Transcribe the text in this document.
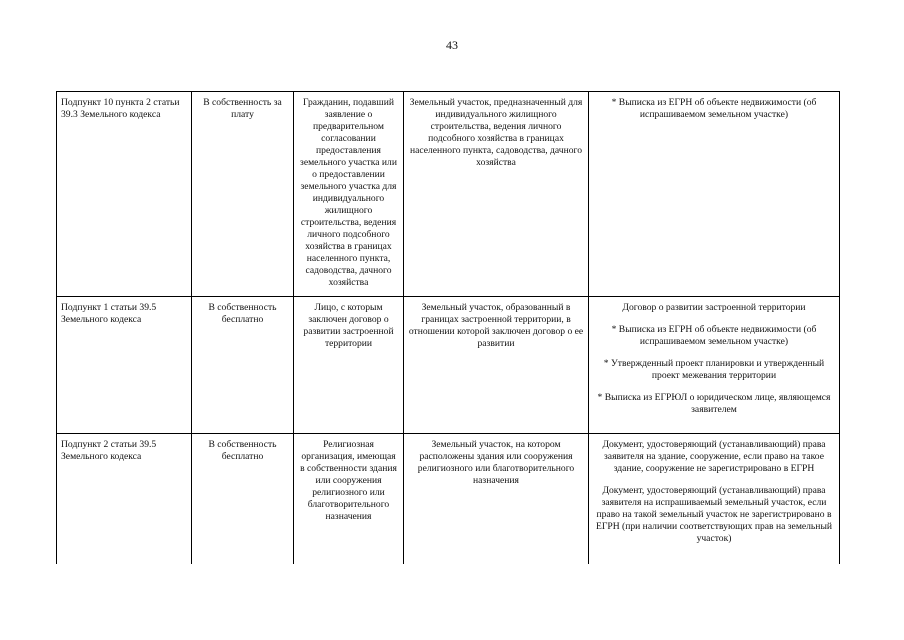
43
Подпункт 10 пункта 2 статьи 39.3 Земельного кодекса	В собственность за плату	Гражданин, подавший заявление о предварительном согласовании предоставления земельного участка или о предоставлении земельного участка для индивидуального жилищного строительства, ведения личного подсобного хозяйства в границах населенного пункта, садоводства, дачного хозяйства	Земельный участок, предназначенный для индивидуального жилищного строительства, ведения личного подсобного хозяйства в границах населенного пункта, садоводства, дачного хозяйства	* Выписка из ЕГРН об объекте недвижимости (об испрашиваемом земельном участке)

Подпункт 1 статьи 39.5 Земельного кодекса	В собственность бесплатно	Лицо, с которым заключен договор о развитии застроенной территории	Земельный участок, образованный в границах застроенной территории, в отношении которой заключен договор о ее развитии	Договор о развитии застроенной территории

* Выписка из ЕГРН об объекте недвижимости (об испрашиваемом земельном участке)

* Утвержденный проект планировки и утвержденный проект межевания территории

* Выписка из ЕГРЮЛ о юридическом лице, являющемся заявителем

Подпункт 2 статьи 39.5 Земельного кодекса	В собственность бесплатно	Религиозная организация, имеющая в собственности здания или сооружения религиозного или благотворительного назначения	Земельный участок, на котором расположены здания или сооружения религиозного или благотворительного назначения	Документ, удостоверяющий (устанавливающий) права заявителя на здание, сооружение, если право на такое здание, сооружение не зарегистрировано в ЕГРН

Документ, удостоверяющий (устанавливающий) права заявителя на испрашиваемый земельный участок, если право на такой земельный участок не зарегистрировано в ЕГРН (при наличии соответствующих прав на земельный участок)
